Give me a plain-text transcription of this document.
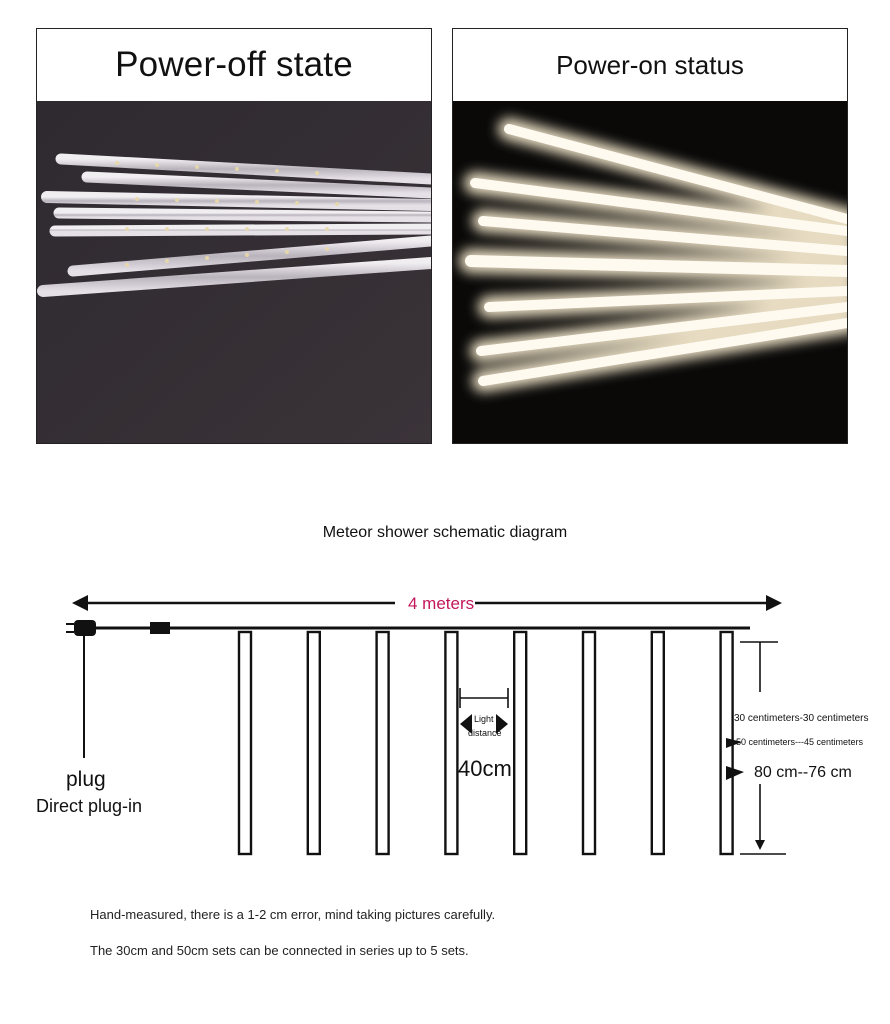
Power-off state	Power-on status
Meteor shower schematic diagram
4 meters
plug
Direct plug-in
Light
distance
40cm
30 centimeters-30 centimeters
50 centimeters---45 centimeters
80 cm--76 cm
Hand-measured, there is a 1-2 cm error, mind taking pictures carefully.
The 30cm and 50cm sets can be connected in series up to 5 sets.
